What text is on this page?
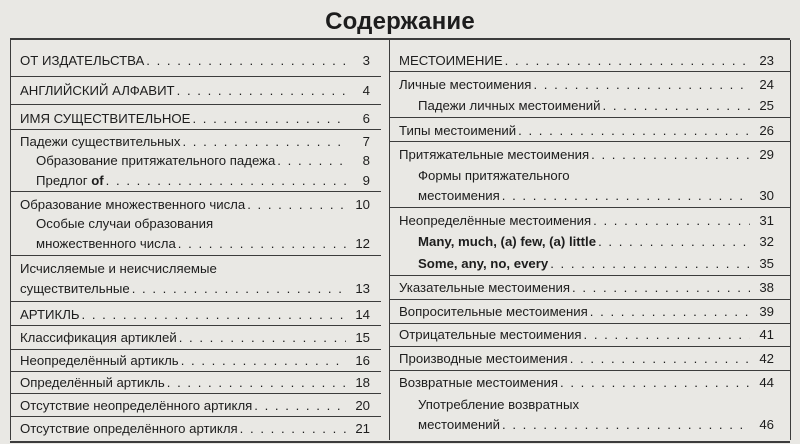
Содержание
ОТ ИЗДАТЕЛЬСТВА . . .	3
АНГЛИЙСКИЙ АЛФАВИТ . . .	4
ИМЯ СУЩЕСТВИТЕЛЬНОЕ . . .	6
Падежи существительных . . .	7
Образование притяжательного падежа . . .	8
Предлог of . . .	9
Образование множественного числа . . .	10
Особые случаи образования
множественного числа . . .	12
Исчисляемые и неисчисляемые
существительные . . .	13
АРТИКЛЬ . . .	14
Классификация артиклей . . .	15
Неопределённый артикль . . .	16
Определённый артикль . . .	18
Отсутствие неопределённого артикля . . .	20
Отсутствие определённого артикля . . .	21
МЕСТОИМЕНИЕ . . .	23
Личные местоимения . . .	24
Падежи личных местоимений . . .	25
Типы местоимений . . .	26
Притяжательные местоимения . . .	29
Формы притяжательного
местоимения . . .	30
Неопределённые местоимения . . .	31
Many, much, (a) few, (a) little . . .	32
Some, any, no, every . . .	35
Указательные местоимения . . .	38
Вопросительные местоимения . . .	39
Отрицательные местоимения . . .	41
Производные местоимения . . .	42
Возвратные местоимения . . .	44
Употребление возвратных
местоимений . . .	46
